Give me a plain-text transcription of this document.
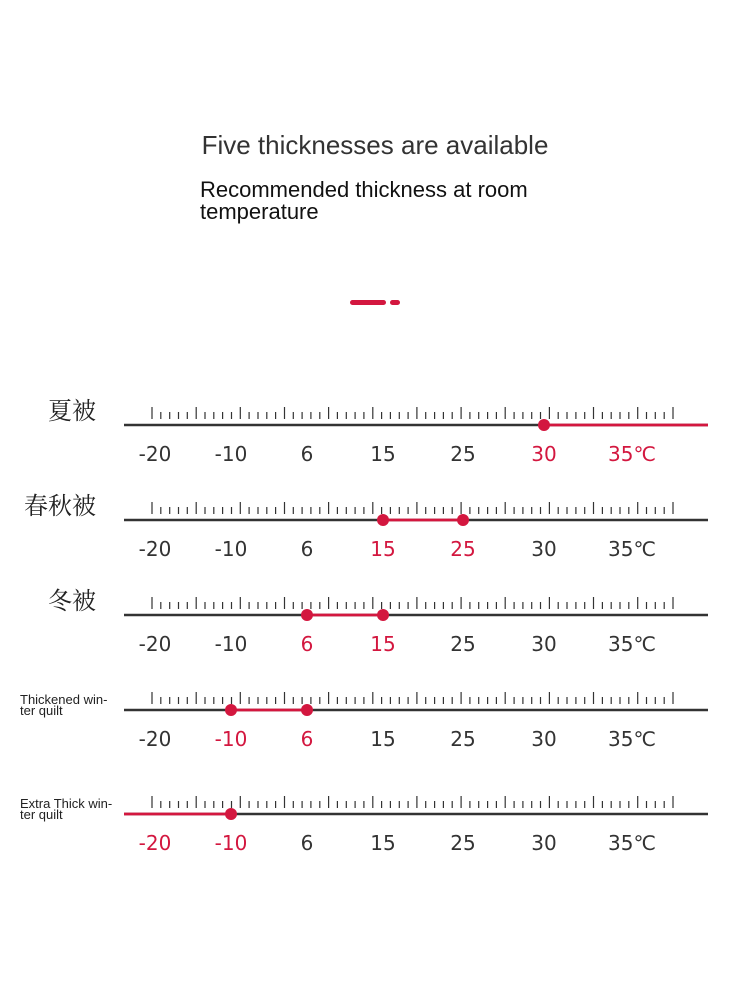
Five thicknesses are available
Recommended thickness at room temperature
夏被
春秋被
冬被
Thickened win-
ter quilt
Extra Thick win-
ter quilt
-20 -10	6	15	25	30	35℃
-20 -10	6	15	25	30	35℃
-20 -10	6	15	25	30	35℃
-20 -10	6	15	25	30	35℃
-20 -10	6	15	25	30	35℃
